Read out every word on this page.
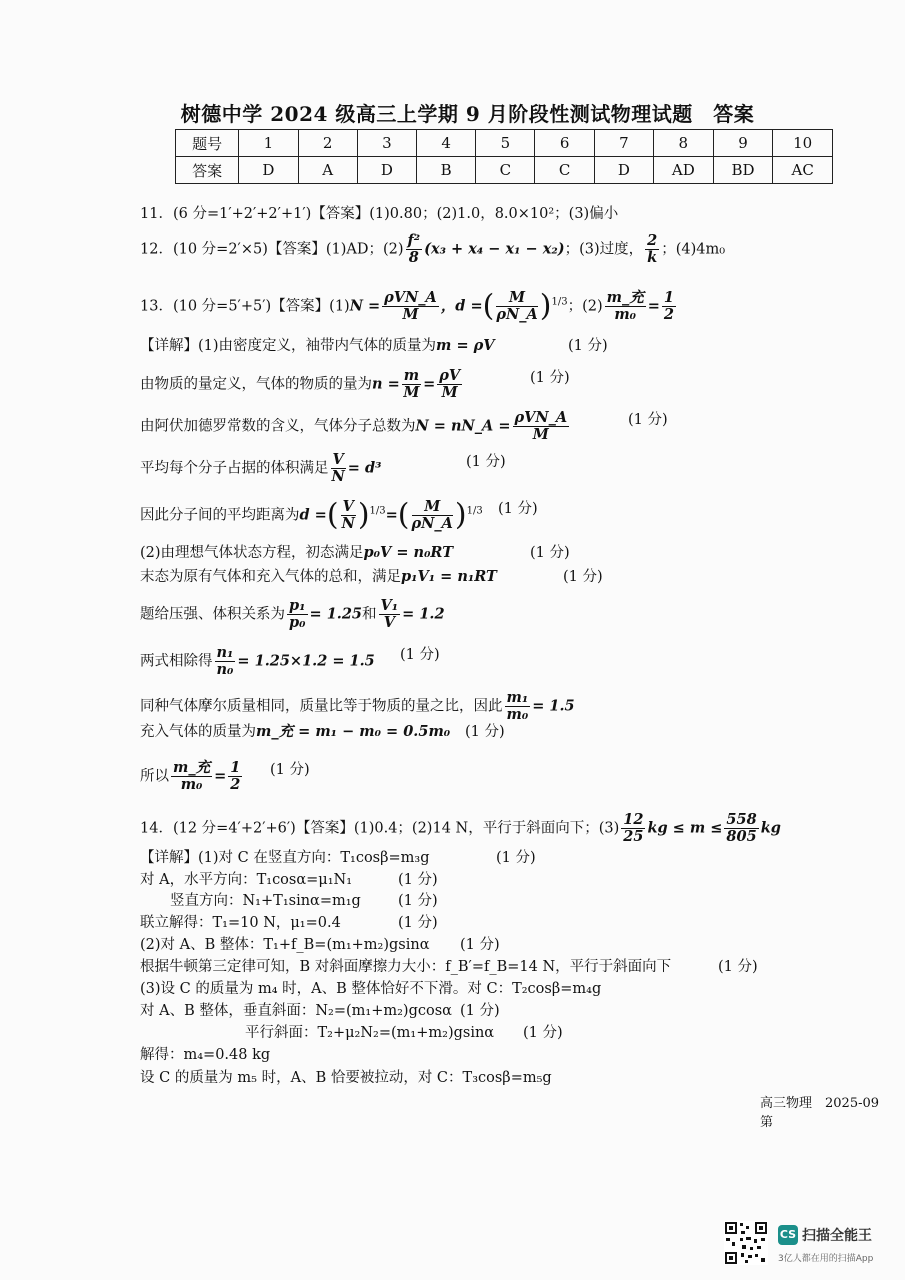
树德中学 2024 级高三上学期 9 月阶段性测试物理试题　答案
题号	1	2	3	4	5	6	7	8	9	10
答案	D	A	D	B	C	C	D	AD	BD	AC
11．(6 分=1′+2′+2′+1′)【答案】(1)0.80；(2)1.0，8.0×10²；(3)偏小
12．(10 分=2′×5)【答案】(1)AD；$(2) \frac{\text{f²}}{8} (x_3 + x_4 - x_1 - x_2)$；(3)过度， $\frac{2}{k}$ ；(4)4m₀
13．(10 分=5′+5′)【答案】$(1)N = \frac{\text{ρVN\_A}}{M}$ ，d =( $\frac{M}{\rho N\_A} )^{1/3}$；$(2) \frac{\text{m\_充}}{\text{m₀}} = \frac{1}{2}$
【详解】(1)由密度定义，袖带内气体的质量为m = ρV	(1 分)
由物质的量定义，气体的物质的量为$n = \frac{m}{M} = \frac{\rho V}{M}$	(1 分)
由阿伏加德罗常数的含义，气体分子总数为N = nN_A = $\frac{\text{ρVN\_A}}{M}$	(1 分)
平均每个分子占据的体积满足 $\frac{V}{N} = d^3$	(1 分)
因此分子间的平均距离为d =( $\frac{V}{N} )^{1/3}=( \frac{M}{\rho N\_A} )^{1/3}$ (1 分)
(2)由理想气体状态方程，初态满足p₀V = n₀RT	(1 分)
末态为原有气体和充入气体的总和，满足p₁V₁ = n₁RT	(1 分)
题给压强、体积关系为 $\frac{\text{p₁}}{\text{p₀}} = 1.25$和 $\frac{\text{V₁}}{V} = 1.2$
两式相除得 $\frac{\text{n₁}}{\text{n₀}} = 1.25\times 1.2 = 1.5$ (1 分)
同种气体摩尔质量相同，质量比等于物质的量之比，因此 $\frac{\text{m₁}}{\text{m₀}} = 1.5$
充入气体的质量为m_充 = m₁ − m₀ = 0.5m₀ (1 分)
所以 $\frac{\text{m\_充}}{\text{m₀}} = \frac{1}{2} (1$ 分)
14．(12 分=4′+2′+6′)【答案】(1)0.4；(2)14 N，平行于斜面向下；$(3) \frac{12}{25}$ kg ≤ $m \le \frac{558}{805}$ kg
【详解】(1)对 C 在竖直方向：T₁cosβ=m₃g	(1 分)
对 A，水平方向：T₁cosα=μ₁N₁	(1 分)
竖直方向：N₁+T₁sinα=m₁g	(1 分)
联立解得：T₁=10 N，μ₁=0.4	(1 分)
(2)对 A、B 整体：T₁+f_B=(m₁+m₂)gsinα (1 分)
根据牛顿第三定律可知，B 对斜面摩擦力大小：f_B′=f_B=14 N，平行于斜面向下	(1 分)
(3)设 C 的质量为 m₄ 时，A、B 整体恰好不下滑。对 C：T₂cosβ=m₄g
对 A、B 整体，垂直斜面：N₂=(m₁+m₂)gcosα (1 分)
平行斜面：T₂+μ₂N₂=(m₁+m₂)gsinα (1 分)
解得：m₄=0.48 kg
设 C 的质量为 m₅ 时，A、B 恰要被拉动，对 C：T₃cosβ=m₅g
高三物理　2025-09　第
CS 扫描全能王
3亿人都在用的扫描App
